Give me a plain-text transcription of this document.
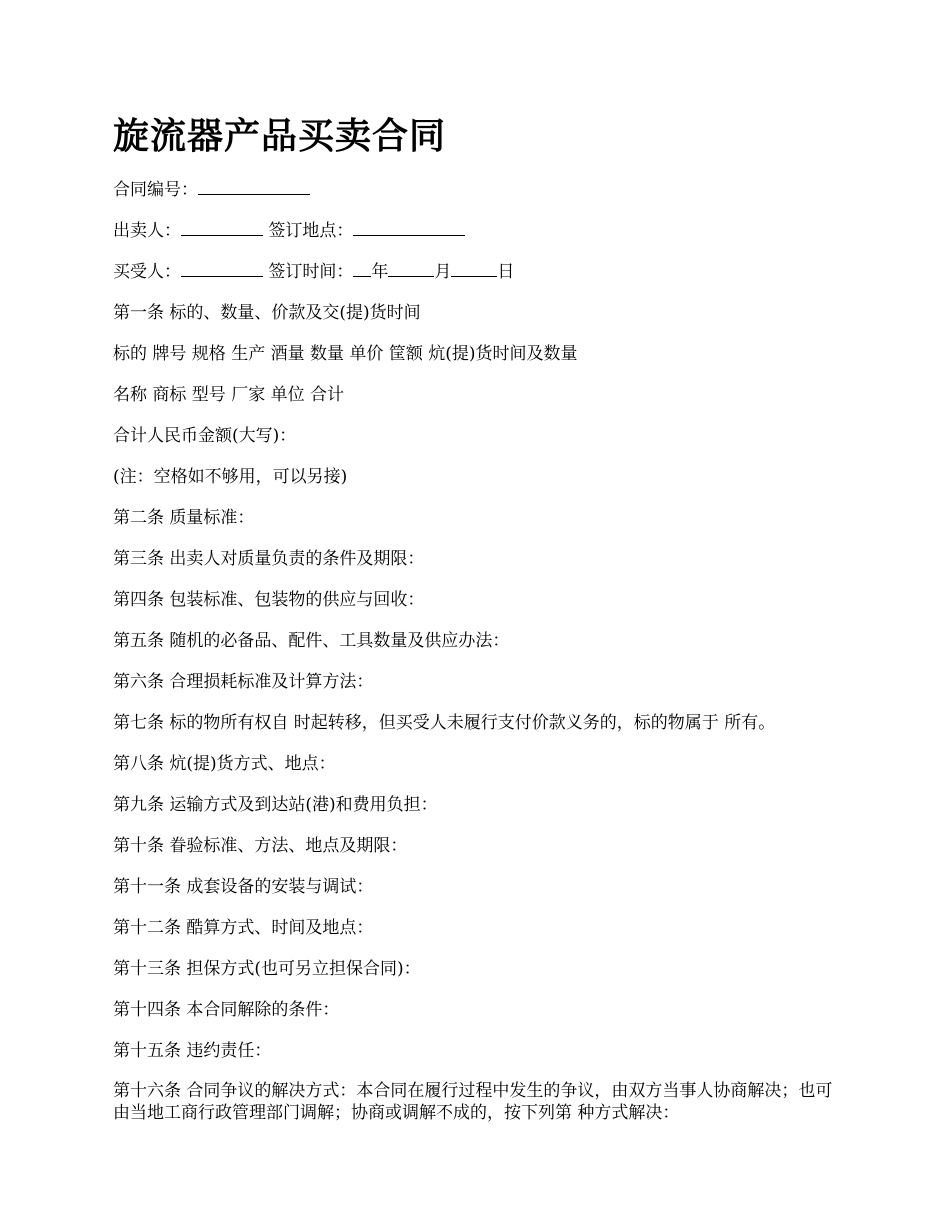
旋流器产品买卖合同
合同编号：
出卖人：	签订地点：
买受人：	签订时间： 年	月	日
第一条 标的、数量、价款及交(提)货时间
标的 牌号 规格 生产 酒量 数量 单价 筐额 炕(提)货时间及数量
名称 商标 型号 厂家 单位 合计
合计人民币金额(大写)：
(注：空格如不够用，可以另接)
第二条 质量标准：
第三条 出卖人对质量负责的条件及期限：
第四条 包装标准、包装物的供应与回收：
第五条 随机的必备品、配件、工具数量及供应办法：
第六条 合理损耗标准及计算方法：
第七条 标的物所有权自 时起转移，但买受人未履行支付价款义务的，标的物属于 所有。
第八条 炕(提)货方式、地点：
第九条 运输方式及到达站(港)和费用负担：
第十条 眷验标准、方法、地点及期限：
第十一条 成套设备的安装与调试：
第十二条 酷算方式、时间及地点：
第十三条 担保方式(也可另立担保合同)：
第十四条 本合同解除的条件：
第十五条 违约责任：
第十六条 合同争议的解决方式：本合同在履行过程中发生的争议，由双方当事人协商解决；也可由当地工商行政管理部门调解；协商或调解不成的，按下列第 种方式解决：
